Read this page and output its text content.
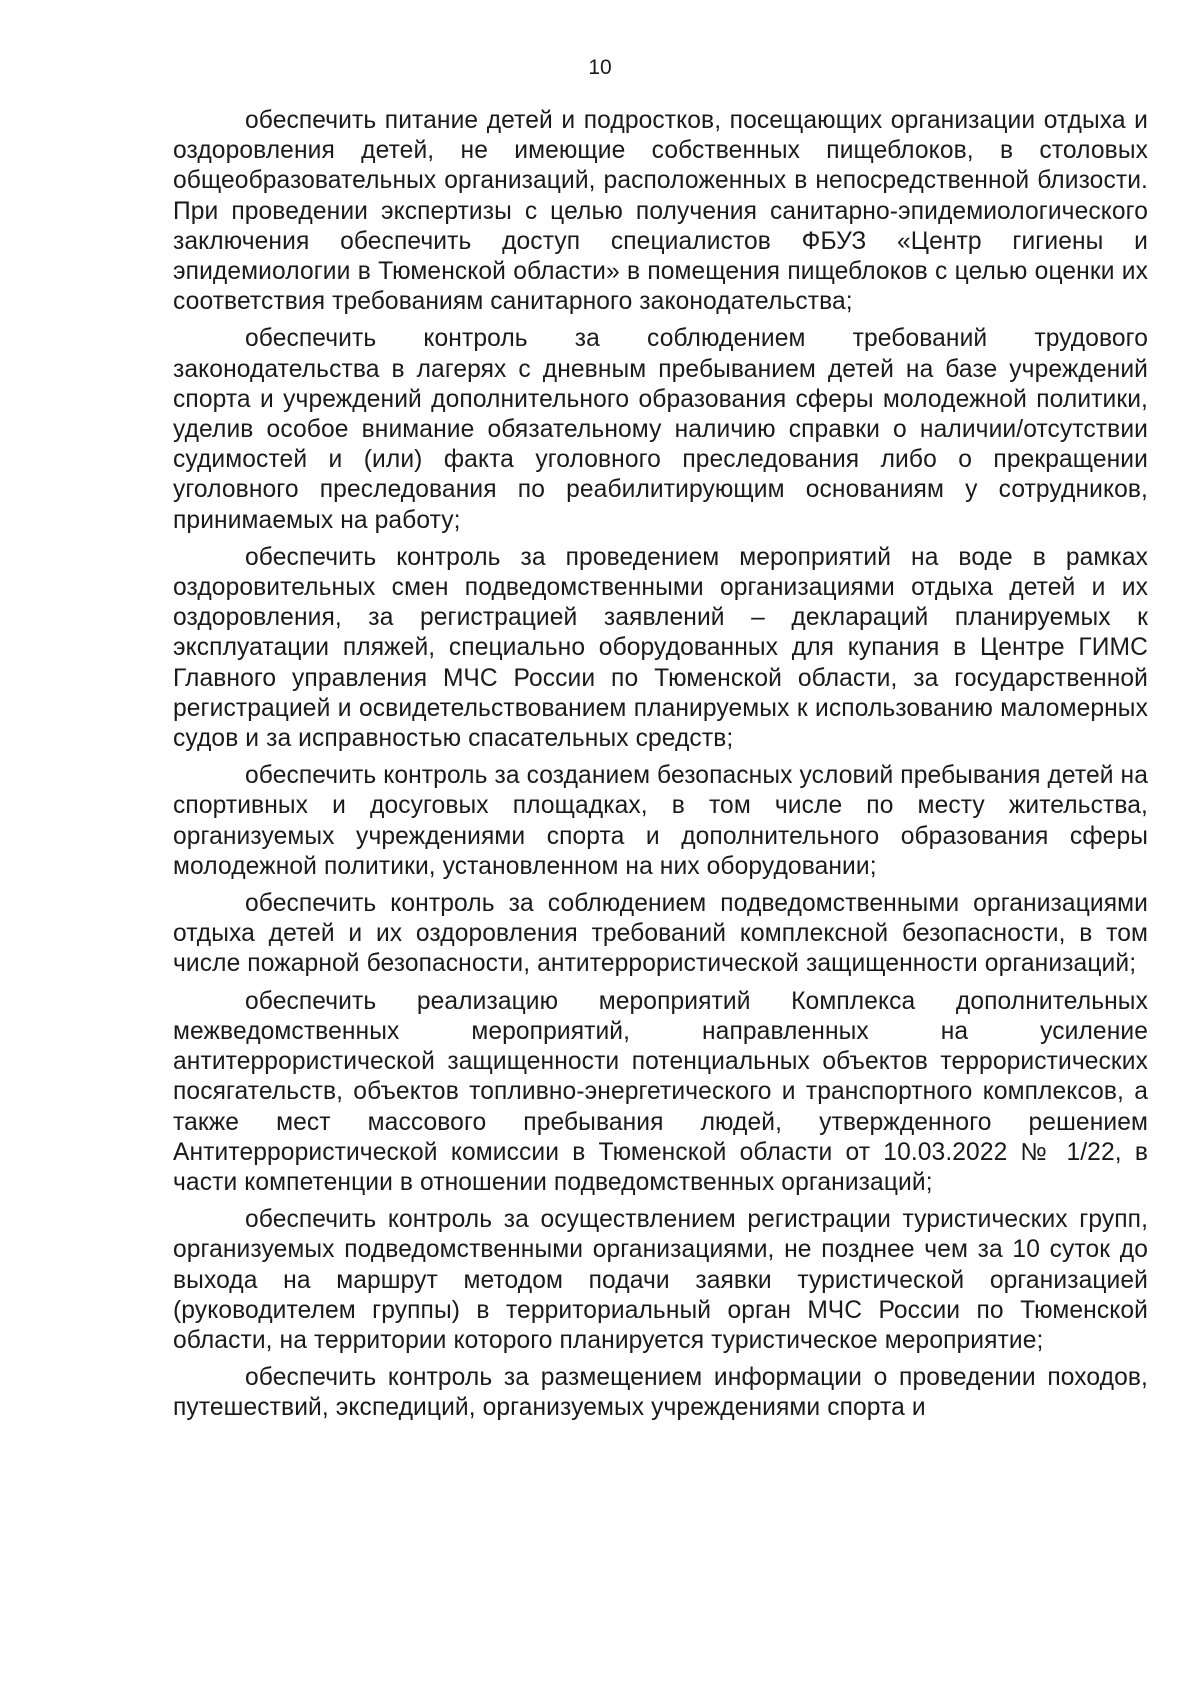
10

обеспечить питание детей и подростков, посещающих организации отдыха и оздоровления детей, не имеющие собственных пищеблоков, в столовых общеобразовательных организаций, расположенных в непосредственной близости. При проведении экспертизы с целью получения санитарно-эпидемиологического заключения обеспечить доступ специалистов ФБУЗ «Центр гигиены и эпидемиологии в Тюменской области» в помещения пищеблоков с целью оценки их соответствия требованиям санитарного законодательства;

обеспечить контроль за соблюдением требований трудового законодательства в лагерях с дневным пребыванием детей на базе учреждений спорта и учреждений дополнительного образования сферы молодежной политики, уделив особое внимание обязательному наличию справки о наличии/отсутствии судимостей и (или) факта уголовного преследования либо о прекращении уголовного преследования по реабилитирующим основаниям у сотрудников, принимаемых на работу;

обеспечить контроль за проведением мероприятий на воде в рамках оздоровительных смен подведомственными организациями отдыха детей и их оздоровления, за регистрацией заявлений – деклараций планируемых к эксплуатации пляжей, специально оборудованных для купания в Центре ГИМС Главного управления МЧС России по Тюменской области, за государственной регистрацией и освидетельствованием планируемых к использованию маломерных судов и за исправностью спасательных средств;

обеспечить контроль за созданием безопасных условий пребывания детей на спортивных и досуговых площадках, в том числе по месту жительства, организуемых учреждениями спорта и дополнительного образования сферы молодежной политики, установленном на них оборудовании;

обеспечить контроль за соблюдением подведомственными организациями отдыха детей и их оздоровления требований комплексной безопасности, в том числе пожарной безопасности, антитеррористической защищенности организаций;

обеспечить реализацию мероприятий Комплекса дополнительных межведомственных мероприятий, направленных на усиление антитеррористической защищенности потенциальных объектов террористических посягательств, объектов топливно-энергетического и транспортного комплексов, а также мест массового пребывания людей, утвержденного решением Антитеррористической комиссии в Тюменской области от 10.03.2022 № 1/22, в части компетенции в отношении подведомственных организаций;

обеспечить контроль за осуществлением регистрации туристических групп, организуемых подведомственными организациями, не позднее чем за 10 суток до выхода на маршрут методом подачи заявки туристической организацией (руководителем группы) в территориальный орган МЧС России по Тюменской области, на территории которого планируется туристическое мероприятие;

обеспечить контроль за размещением информации о проведении походов, путешествий, экспедиций, организуемых учреждениями спорта и
